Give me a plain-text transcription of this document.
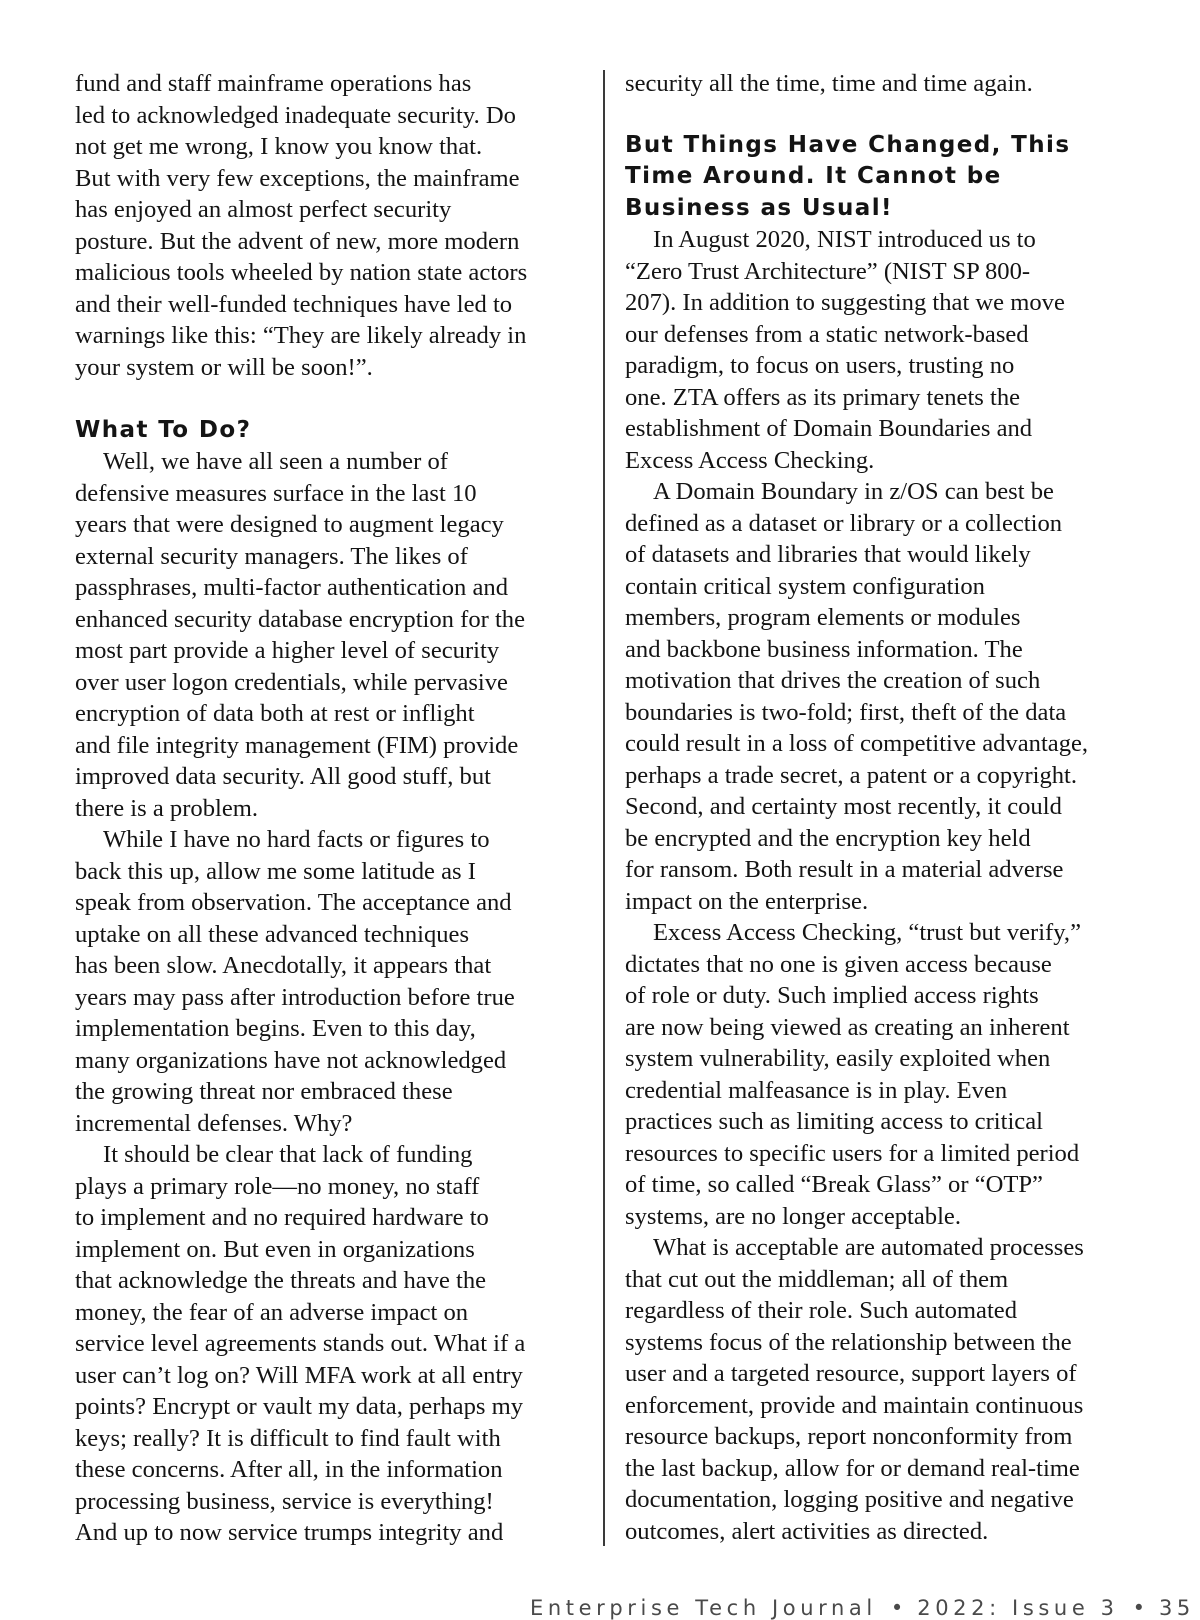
fund and staff mainframe operations has
led to acknowledged inadequate security. Do
not get me wrong, I know you know that.
But with very few exceptions, the mainframe
has enjoyed an almost perfect security
posture. But the advent of new, more modern
malicious tools wheeled by nation state actors
and their well-funded techniques have led to
warnings like this: “They are likely already in
your system or will be soon!”.

What To Do?

Well, we have all seen a number of
defensive measures surface in the last 10
years that were designed to augment legacy
external security managers. The likes of
passphrases, multi-factor authentication and
enhanced security database encryption for the
most part provide a higher level of security
over user logon credentials, while pervasive
encryption of data both at rest or inflight
and file integrity management (FIM) provide
improved data security. All good stuff, but
there is a problem.

While I have no hard facts or figures to
back this up, allow me some latitude as I
speak from observation. The acceptance and
uptake on all these advanced techniques
has been slow. Anecdotally, it appears that
years may pass after introduction before true
implementation begins. Even to this day,
many organizations have not acknowledged
the growing threat nor embraced these
incremental defenses. Why?

It should be clear that lack of funding
plays a primary role—no money, no staff
to implement and no required hardware to
implement on. But even in organizations
that acknowledge the threats and have the
money, the fear of an adverse impact on
service level agreements stands out. What if a
user can’t log on? Will MFA work at all entry
points? Encrypt or vault my data, perhaps my
keys; really? It is difficult to find fault with
these concerns. After all, in the information
processing business, service is everything!
And up to now service trumps integrity and

security all the time, time and time again.

But Things Have Changed, This
Time Around. It Cannot be
Business as Usual!

In August 2020, NIST introduced us to
“Zero Trust Architecture” (NIST SP 800-
207). In addition to suggesting that we move
our defenses from a static network-based
paradigm, to focus on users, trusting no
one. ZTA offers as its primary tenets the
establishment of Domain Boundaries and
Excess Access Checking.

A Domain Boundary in z/OS can best be
defined as a dataset or library or a collection
of datasets and libraries that would likely
contain critical system configuration
members, program elements or modules
and backbone business information. The
motivation that drives the creation of such
boundaries is two-fold; first, theft of the data
could result in a loss of competitive advantage,
perhaps a trade secret, a patent or a copyright.
Second, and certainty most recently, it could
be encrypted and the encryption key held
for ransom. Both result in a material adverse
impact on the enterprise.

Excess Access Checking, “trust but verify,”
dictates that no one is given access because
of role or duty. Such implied access rights
are now being viewed as creating an inherent
system vulnerability, easily exploited when
credential malfeasance is in play. Even
practices such as limiting access to critical
resources to specific users for a limited period
of time, so called “Break Glass” or “OTP”
systems, are no longer acceptable.

What is acceptable are automated processes
that cut out the middleman; all of them
regardless of their role. Such automated
systems focus of the relationship between the
user and a targeted resource, support layers of
enforcement, provide and maintain continuous
resource backups, report nonconformity from
the last backup, allow for or demand real-time
documentation, logging positive and negative
outcomes, alert activities as directed.

Enterprise Tech Journal • 2022: Issue 3 • 35
